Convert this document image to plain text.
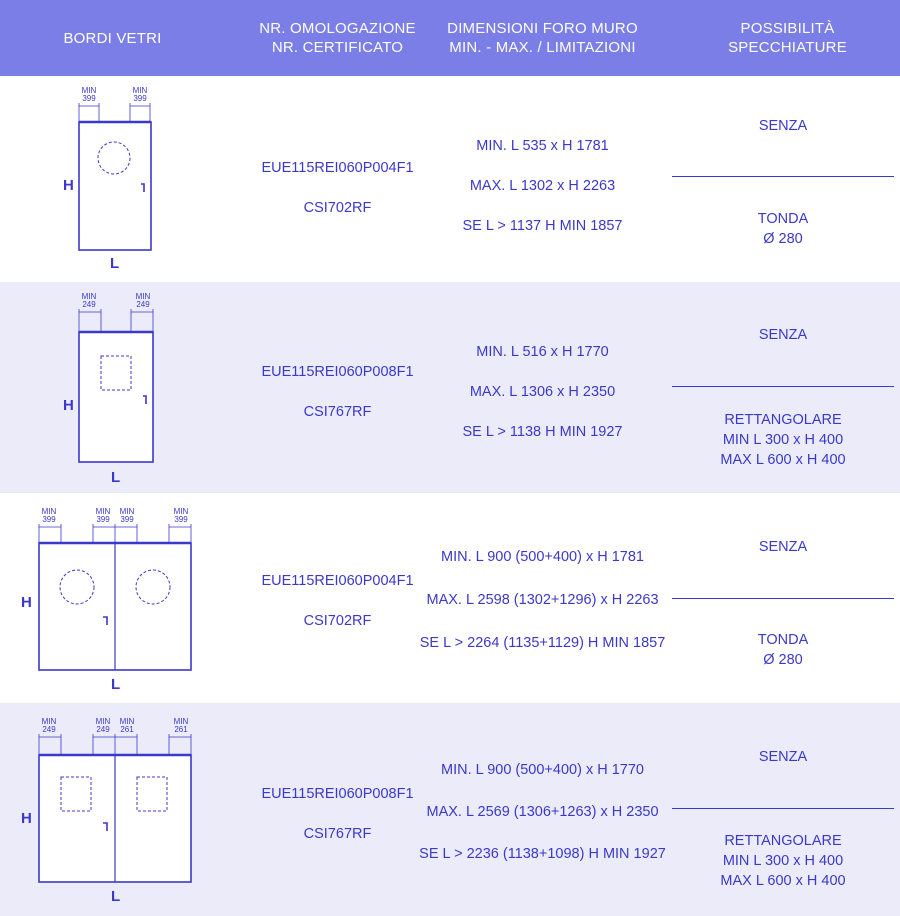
BORDI VETRI
NR. OMOLOGAZIONE
NR. CERTIFICATO
DIMENSIONI FORO MURO
MIN. - MAX. / LIMITAZIONI
POSSIBILITÀ
SPECCHIATURE
MIN
399
MIN
399
H
L

EUE115REI060P004F1

CSI702RF

MIN. L 535 x H 1781

MAX. L 1302 x H 2263

SE L > 1137 H MIN 1857

SENZA
TONDA
Ø 280
MIN
249
MIN
249
H
L

EUE115REI060P008F1

CSI767RF

MIN. L 516 x H 1770

MAX. L 1306 x H 2350

SE L > 1138 H MIN 1927

SENZA
RETTANGOLARE
MIN L 300 x H 400
MAX L 600 x H 400
MIN
399
MIN
399
MIN
399
MIN
399
H
L

EUE115REI060P004F1

CSI702RF

MIN. L 900 (500+400) x H 1781

MAX. L 2598 (1302+1296) x H 2263

SE L > 2264 (1135+1129) H MIN 1857

SENZA
TONDA
Ø 280
MIN
249
MIN
249
MIN
261
MIN
261
H
L

EUE115REI060P008F1

CSI767RF

MIN. L 900 (500+400) x H 1770

MAX. L 2569 (1306+1263) x H 2350

SE L > 2236 (1138+1098) H MIN 1927

SENZA
RETTANGOLARE
MIN L 300 x H 400
MAX L 600 x H 400
